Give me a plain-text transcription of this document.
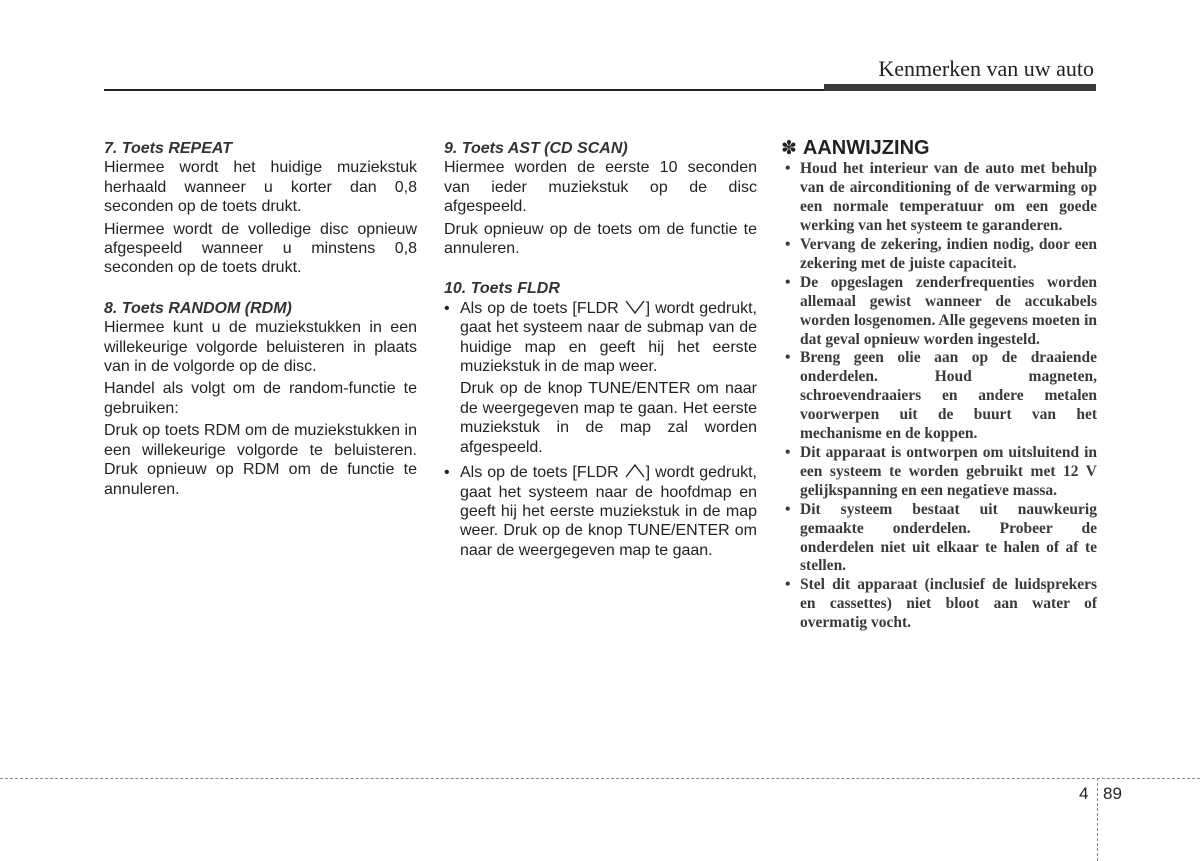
Kenmerken van uw auto

7. Toets REPEAT

Hiermee wordt het huidige muziekstuk herhaald wanneer u korter dan 0,8 seconden op de toets drukt.

Hiermee wordt de volledige disc opnieuw afgespeeld wanneer u minstens 0,8 seconden op de toets drukt.

8. Toets RANDOM (RDM)

Hiermee kunt u de muziekstukken in een willekeurige volgorde beluisteren in plaats van in de volgorde op de disc.

Handel als volgt om de random-functie te gebruiken:

Druk op toets RDM om de muziekstukken in een willekeurige volgorde te beluisteren. Druk opnieuw op RDM om de functie te annuleren.

9. Toets AST (CD SCAN)

Hiermee worden de eerste 10 seconden van ieder muziekstuk op de disc afgespeeld.

Druk opnieuw op de toets om de functie te annuleren.

10. Toets FLDR

• Als op de toets [FLDR ] wordt gedrukt, gaat het systeem naar de submap van de huidige map en geeft hij het eerste muziekstuk in de map weer.

Druk op de knop TUNE/ENTER om naar de weergegeven map te gaan. Het eerste muziekstuk in de map zal worden afgespeeld.

• Als op de toets [FLDR ] wordt gedrukt, gaat het systeem naar de hoofdmap en geeft hij het eerste muziekstuk in de map weer. Druk op de knop TUNE/ENTER om naar de weergegeven map te gaan.
✽ AANWIJZING
• Houd het interieur van de auto met behulp van de airconditioning of de verwarming op een normale temperatuur om een goede werking van het systeem te garanderen.
• Vervang de zekering, indien nodig, door een zekering met de juiste capaciteit.
• De opgeslagen zenderfrequenties worden allemaal gewist wanneer de accukabels worden losgenomen. Alle gegevens moeten in dat geval opnieuw worden ingesteld.
• Breng geen olie aan op de draaiende onderdelen. Houd magneten, schroevendraaiers en andere metalen voorwerpen uit de buurt van het mechanisme en de koppen.
• Dit apparaat is ontworpen om uitsluitend in een systeem te worden gebruikt met 12 V gelijkspanning en een negatieve massa.
• Dit systeem bestaat uit nauwkeurig gemaakte onderdelen. Probeer de onderdelen niet uit elkaar te halen of af te stellen.
• Stel dit apparaat (inclusief de luidsprekers en cassettes) niet bloot aan water of overmatig vocht.
4 89
